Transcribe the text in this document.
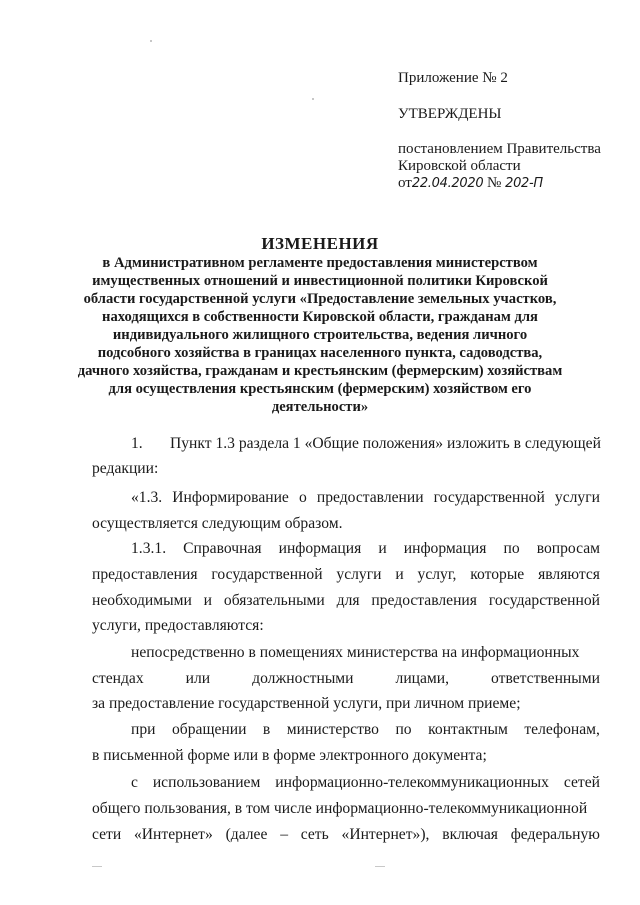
Приложение № 2
УТВЕРЖДЕНЫ
постановлением Правительства
Кировской области
от22.04.2020 № 202-П
ИЗМЕНЕНИЯ
в Административном регламенте предоставления министерством
имущественных отношений и инвестиционной политики Кировской
области государственной услуги «Предоставление земельных участков,
находящихся в собственности Кировской области, гражданам для
индивидуального жилищного строительства, ведения личного
подсобного хозяйства в границах населенного пункта, садоводства,
дачного хозяйства, гражданам и крестьянским (фермерским) хозяйствам
для осуществления крестьянским (фермерским) хозяйством его
деятельности»
1. Пункт 1.3 раздела 1 «Общие положения» изложить в следующей
редакции:
«1.3. Информирование о предоставлении государственной услуги
осуществляется следующим образом.
1.3.1. Справочная информация и информация по вопросам
предоставления государственной услуги и услуг, которые являются
необходимыми и обязательными для предоставления государственной
услуги, предоставляются:
непосредственно в помещениях министерства на информационных
стендах	или	должностными	лицами,	ответственными
за предоставление государственной услуги, при личном приеме;
при обращении в министерство по контактным телефонам,
в письменной форме или в форме электронного документа;
с использованием информационно-телекоммуникационных сетей
общего пользования, в том числе информационно-телекоммуникационной
сети «Интернет» (далее – сеть «Интернет»), включая федеральную
